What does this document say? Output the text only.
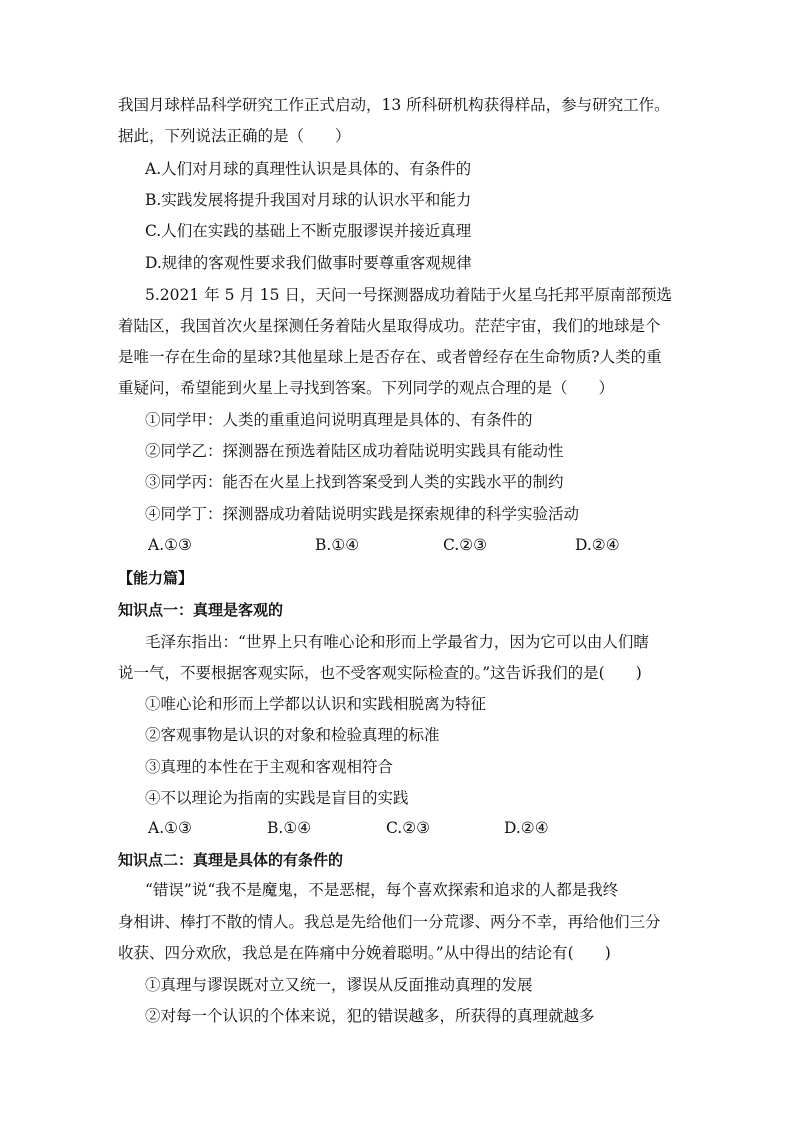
我国月球样品科学研究工作正式启动，13 所科研机构获得样品，参与研究工作。
据此，下列说法正确的是（　　）
A.人们对月球的真理性认识是具体的、有条件的
B.实践发展将提升我国对月球的认识水平和能力
C.人们在实践的基础上不断克服谬误并接近真理
D.规律的客观性要求我们做事时要尊重客观规律
5.2021 年 5 月 15 日，天问一号探测器成功着陆于火星乌托邦平原南部预选
着陆区，我国首次火星探测任务着陆火星取得成功。茫茫宇宙，我们的地球是个
是唯一存在生命的星球?其他星球上是否存在、或者曾经存在生命物质?人类的重
重疑问，希望能到火星上寻找到答案。下列同学的观点合理的是（　　）
①同学甲：人类的重重追问说明真理是具体的、有条件的
②同学乙：探测器在预选着陆区成功着陆说明实践具有能动性
③同学丙：能否在火星上找到答案受到人类的实践水平的制约
④同学丁：探测器成功着陆说明实践是探索规律的科学实验活动
A.①③	B.①④	C.②③	D.②④
【能力篇】
知识点一：真理是客观的
毛泽东指出：“世界上只有唯心论和形而上学最省力，因为它可以由人们瞎
说一气，不要根据客观实际，也不受客观实际检查的。”这告诉我们的是(　　)
①唯心论和形而上学都以认识和实践相脱离为特征
②客观事物是认识的对象和检验真理的标准
③真理的本性在于主观和客观相符合
④不以理论为指南的实践是盲目的实践
A.①③	B.①④	C.②③	D.②④
知识点二：真理是具体的有条件的
“错误”说“我不是魔鬼，不是恶棍，每个喜欢探索和追求的人都是我终
身相讲、棒打不散的情人。我总是先给他们一分荒谬、两分不幸，再给他们三分
收获、四分欢欣，我总是在阵痛中分娩着聪明。”从中得出的结论有(　　)
①真理与谬误既对立又统一，谬误从反面推动真理的发展
②对每一个认识的个体来说，犯的错误越多，所获得的真理就越多
